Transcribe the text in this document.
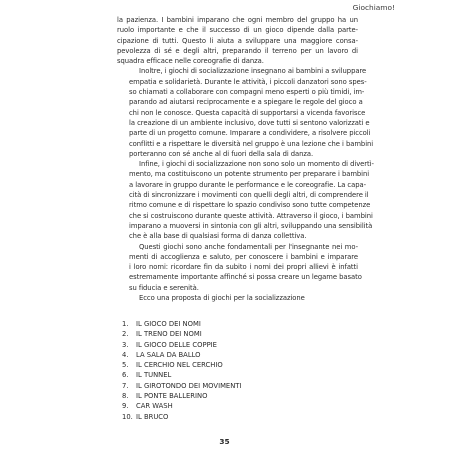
Giochiamo!

la pazienza. I bambini imparano che ogni membro del gruppo ha un
ruolo importante e che il successo di un gioco dipende dalla parte-
cipazione di tutti. Questo li aiuta a sviluppare una maggiore consa-
pevolezza di sé e degli altri, preparando il terreno per un lavoro di
squadra efficace nelle coreografie di danza.

Inoltre, i giochi di socializzazione insegnano ai bambini a sviluppare
empatia e solidarietà. Durante le attività, i piccoli danzatori sono spes-
so chiamati a collaborare con compagni meno esperti o più timidi, im-
parando ad aiutarsi reciprocamente e a spiegare le regole del gioco a
chi non le conosce. Questa capacità di supportarsi a vicenda favorisce
la creazione di un ambiente inclusivo, dove tutti si sentono valorizzati e
parte di un progetto comune. Imparare a condividere, a risolvere piccoli
conflitti e a rispettare le diversità nel gruppo è una lezione che i bambini
porteranno con sé anche al di fuori della sala di danza.

Infine, i giochi di socializzazione non sono solo un momento di divertì-
mento, ma costituiscono un potente strumento per preparare i bambini
a lavorare in gruppo durante le performance e le coreografie. La capa-
cità di sincronizzare i movimenti con quelli degli altri, di comprendere il
ritmo comune e di rispettare lo spazio condiviso sono tutte competenze
che si costruiscono durante queste attività. Attraverso il gioco, i bambini
imparano a muoversi in sintonia con gli altri, sviluppando una sensibilità
che è alla base di qualsiasi forma di danza collettiva.

Questi giochi sono anche fondamentali per l'insegnante nei mo-
menti di accoglienza e saluto, per conoscere i bambini e imparare
i loro nomi: ricordare fin da subito i nomi dei propri allievi è infatti
estremamente importante affinché si possa creare un legame basato
su fiducia e serenità.

Ecco una proposta di giochi per la socializzazione

1.	IL GIOCO DEI NOMI
2.	IL TRENO DEI NOMI
3.	IL GIOCO DELLE COPPIE
4.	LA SALA DA BALLO
5.	IL CERCHIO NEL CERCHIO
6.	IL TUNNEL
7.	IL GIROTONDO DEI MOVIMENTI
8.	IL PONTE BALLERINO
9.	CAR WASH
10. IL BRUCO
35
